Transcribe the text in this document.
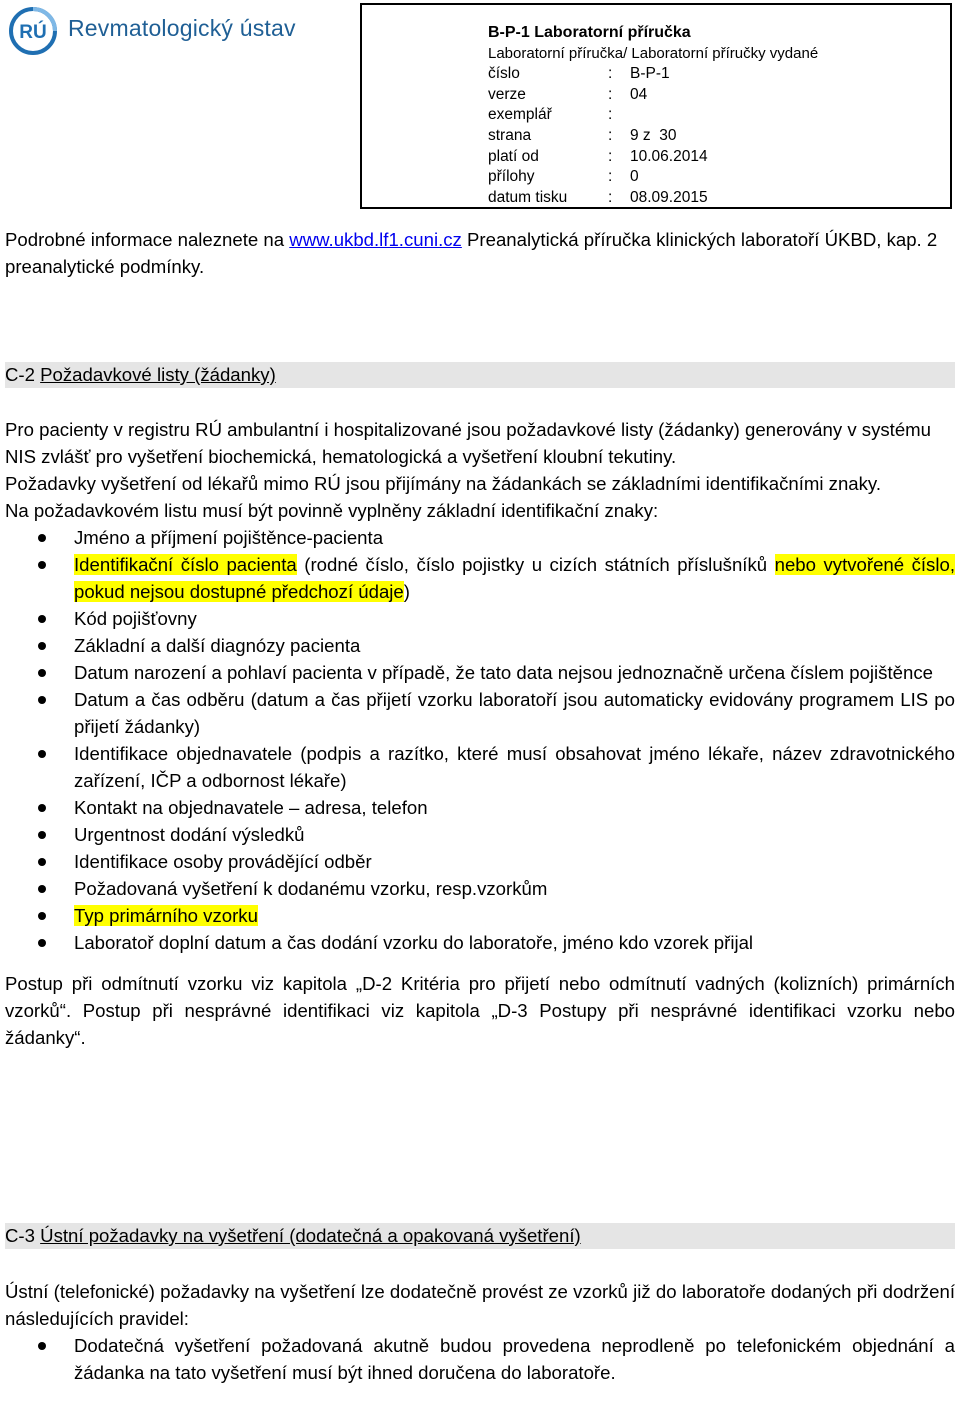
RÚ Revmatologický ústav	B-P-1 Laboratorní příručka
Laboratorní příručka/ Laboratorní příručky vydané
číslo	:	B-P-1
verze	:	04
exemplář	:
strana	:	9 z  30
platí od	:	10.06.2014
přílohy	:	0
datum tisku	:	08.09.2015
Podrobné informace naleznete na www.ukbd.lf1.cuni.cz Preanalytická příručka klinických laboratoří ÚKBD, kap. 2 preanalytické podmínky.
C-2 Požadavkové listy (žádanky)
Pro pacienty v registru RÚ ambulantní i hospitalizované jsou požadavkové listy (žádanky) generovány v systému NIS zvlášť pro vyšetření biochemická, hematologická a vyšetření kloubní tekutiny.
Požadavky vyšetření od lékařů mimo RÚ jsou přijímány na žádankách se základními identifikačními znaky.
Na požadavkovém listu musí být povinně vyplněny základní identifikační znaky:
Jméno a příjmení pojištěnce-pacienta
Identifikační číslo pacienta (rodné číslo, číslo pojistky u cizích státních příslušníků nebo vytvořené číslo, pokud nejsou dostupné předchozí údaje)
Kód pojišťovny
Základní a další diagnózy pacienta
Datum narození a pohlaví pacienta v případě, že tato data nejsou jednoznačně určena číslem pojištěnce
Datum a čas odběru (datum a čas přijetí vzorku laboratoří jsou automaticky evidovány programem LIS po přijetí žádanky)
Identifikace objednavatele (podpis a razítko, které musí obsahovat jméno lékaře, název zdravotnického zařízení, IČP a odbornost lékaře)
Kontakt na objednavatele – adresa, telefon
Urgentnost dodání výsledků
Identifikace osoby provádějící odběr
Požadovaná vyšetření k dodanému vzorku, resp.vzorkům
Typ primárního vzorku
Laboratoř doplní datum a čas dodání vzorku do laboratoře, jméno kdo vzorek přijal
Postup při odmítnutí vzorku viz kapitola „D-2 Kritéria pro přijetí nebo odmítnutí vadných (kolizních) primárních vzorků“. Postup při nesprávné identifikaci viz kapitola „D-3 Postupy při nesprávné identifikaci vzorku nebo žádanky“.
C-3 Ústní požadavky na vyšetření (dodatečná a opakovaná vyšetření)
Ústní (telefonické) požadavky na vyšetření lze dodatečně provést ze vzorků již do laboratoře dodaných při dodržení následujících pravidel:
Dodatečná vyšetření požadovaná akutně budou provedena neprodleně po telefonickém objednání a žádanka na tato vyšetření musí být ihned doručena do laboratoře.
